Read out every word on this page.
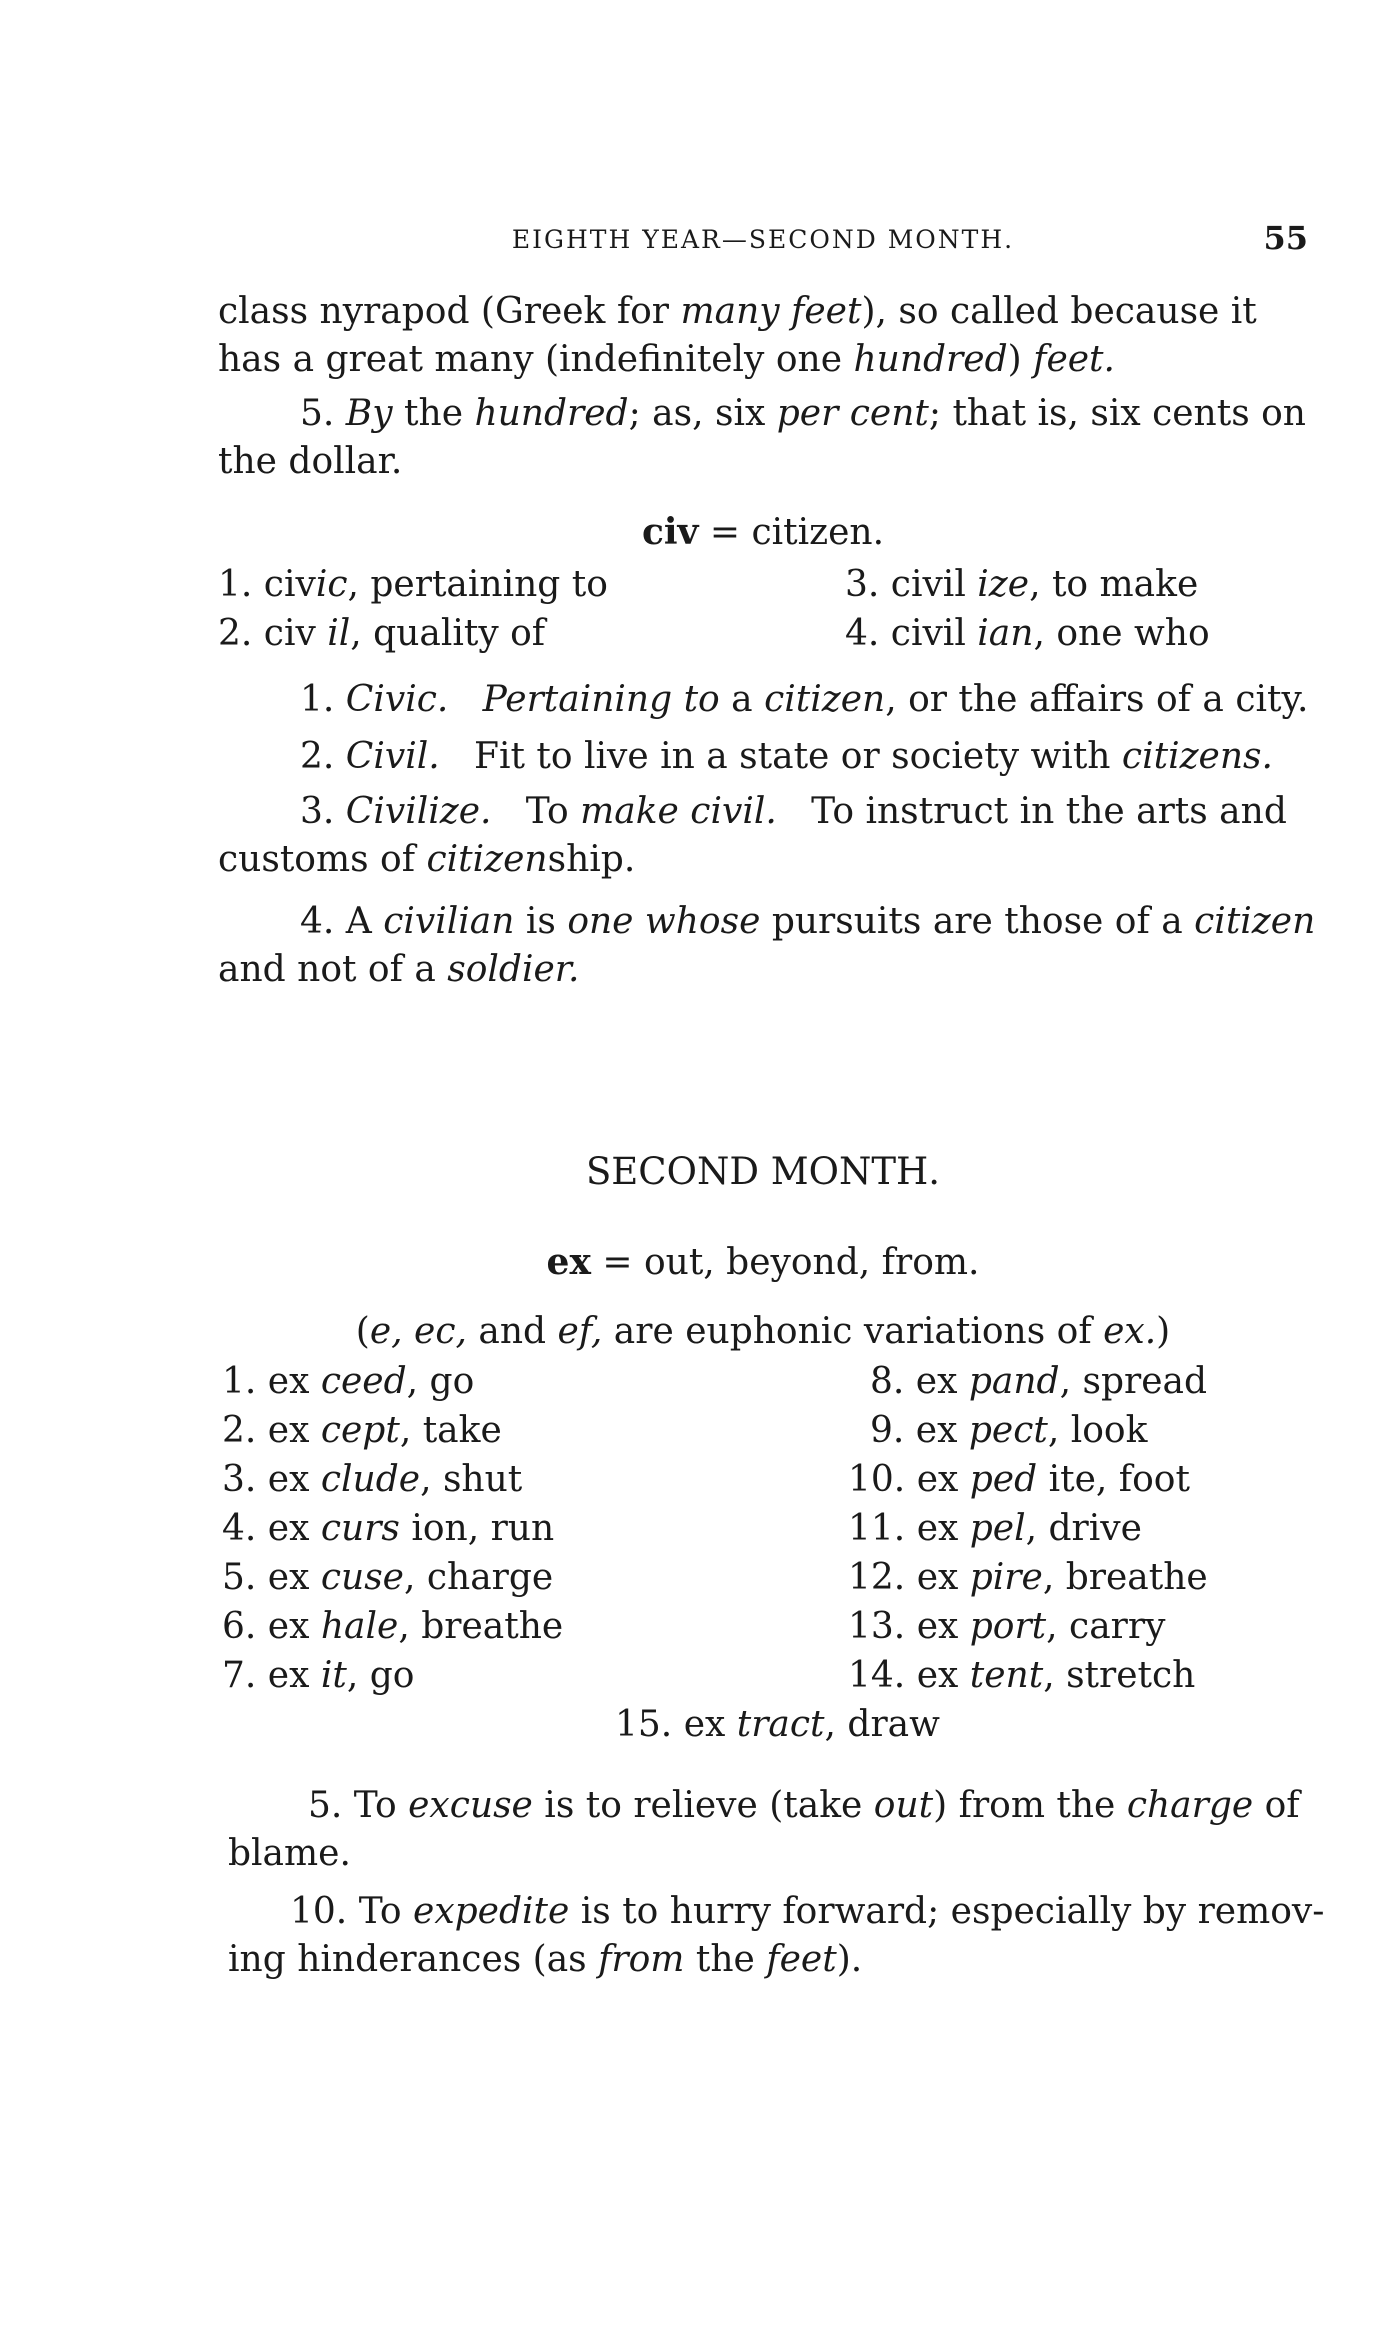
EIGHTH YEAR—SECOND MONTH.	55
class nyrapod (Greek for many feet), so called because it
has a great many (indefinitely one hundred) feet.
5. By the hundred; as, six per cent; that is, six cents on
the dollar.
civ = citizen.
1. civic, pertaining to
2. civ il, quality of
3. civil ize, to make
4. civil ian, one who
1. Civic. Pertaining to a citizen, or the affairs of a city.
2. Civil. Fit to live in a state or society with citizens.
3. Civilize. To make civil. To instruct in the arts and
customs of citizenship.
4. A civilian is one whose pursuits are those of a citizen
and not of a soldier.
SECOND MONTH.
ex = out, beyond, from.
(e, ec, and ef, are euphonic variations of ex.)
1. ex ceed, go
2. ex cept, take
3. ex clude, shut
4. ex curs ion, run
5. ex cuse, charge
6. ex hale, breathe
7. ex it, go
8. ex pand, spread
9. ex pect, look
10. ex ped ite, foot
11. ex pel, drive
12. ex pire, breathe
13. ex port, carry
14. ex tent, stretch
15. ex tract, draw
5. To excuse is to relieve (take out) from the charge of
blame.
10. To expedite is to hurry forward; especially by remov-
ing hinderances (as from the feet).
